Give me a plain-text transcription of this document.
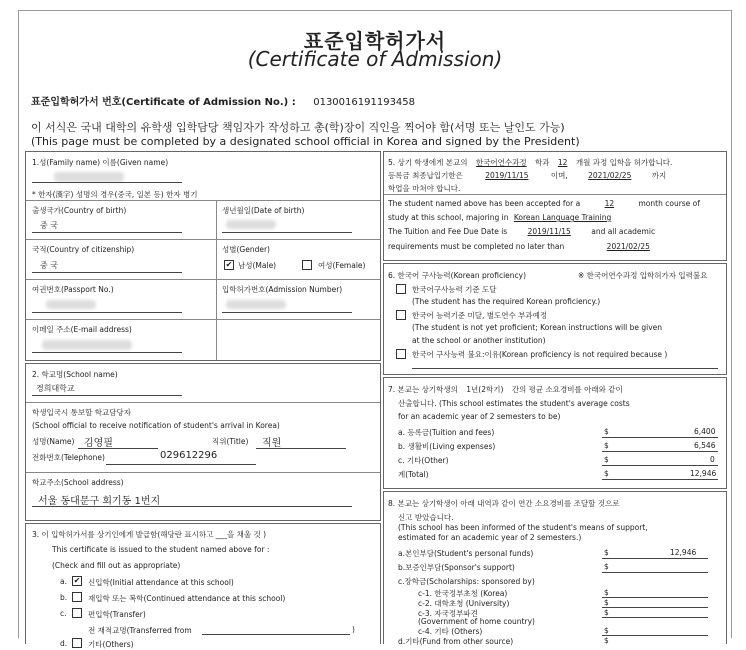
표준입학허가서
(Certificate of Admission)
표준입학허가서 번호(Certificate of Admission No.) : 0130016191193458
이 서식은 국내 대학의 유학생 입학담당 책임자가 작성하고 총(학)장이 직인을 찍어야 함(서명 또는 날인도 가능)
(This page must be completed by a designated school official in Korea and signed by the President)
1.성(Family name) 이름(Given name)
* 한자(漢字) 성명의 경우(중국, 일본 등) 한자 병기
출생국가(Country of birth)
중 국
생년월일(Date of birth)
국적(Country of citizenship)
중 국
성별(Gender)
✔ 남성(Male)	여성(Female)
여권번호(Passport No.)	입학허가번호(Admission Number)
이메일 주소(E-mail address)
2. 학교명(School name)
경희대학교
학생입국시 통보할 학교담당자
(School official to receive notification of student's arrival in Korea)
성명(Name) 김영필	직위(Title) 직원
전화번호(Telephone)	029612296
학교주소(School address)
서울 동대문구 회기동 1번지
3. 이 입학허가서를 상기인에게 발급함(해당란 표시하고 ___을 채울 것 )
This certificate is issued to the student named above for :
(Check and fill out as appropriate)
a. ✔ 신입학(Initial attendance at this school)
b.	재입학 또는 복학(Continued attendance at this school)
c.	편입학(Transfer)
전 재적교명(Transferred from	)
d.	기타(Others)
5. 상기 학생에게 본교의 한국어연수과정 학과 12 개월 과정 입학을 허가합니다.
등록금 최종납입기한은	2019/11/15	이며,	2021/02/25	까지
학업을 마쳐야 합니다.
The student named above has been accepted for a	12	month course of
study at this school, majoring in Korean Language Training
The Tuition and Fee Due Date is	2019/11/15	and all academic
requirements must be completed no later than	2021/02/25
6. 한국어 구사능력(Korean proficiency)	※ 한국어연수과정 입학허가자 입력불요
한국어구사능력 기준 도달
(The student has the required Korean proficiency.)
한국어 능력기준 미달, 별도연수 부과예정
(The student is not yet proficient; Korean instructions will be given
at the school or another institution)
한국어 구사능력 불요:이유(Korean proficiency is not required because )
7. 본교는 상기학생의 1년(2학기) 간의 평균 소요경비를 아래와 같이
산출합니다. (This school estimates the student's average costs
for an academic year of 2 semesters to be)
a. 등록금(Tuition and fees)	$	6,400
b. 생활비(Living expenses)	$	6,546
c. 기타(Other)	$	0
계(Total)	$	12,946
8. 본교는 상기학생이 아래 내역과 같이 연간 소요경비를 조달할 것으로
신고 받았습니다.
(This school has been informed of the student's means of support,
estimated for an academic year of 2 semesters.)
a.본인부담(Student's personal funds)	$	12,946
b.보증인부담(Sponsor's support)	$
c.장학금(Scholarships: sponsored by)
c-1. 한국정부초청 (Korea)	$
c-2. 대학초청 (University)	$
c-3. 자국정부파견	$
(Government of home country)
c-4. 기타 (Others)	$
d.기타(Fund from other source)	$
